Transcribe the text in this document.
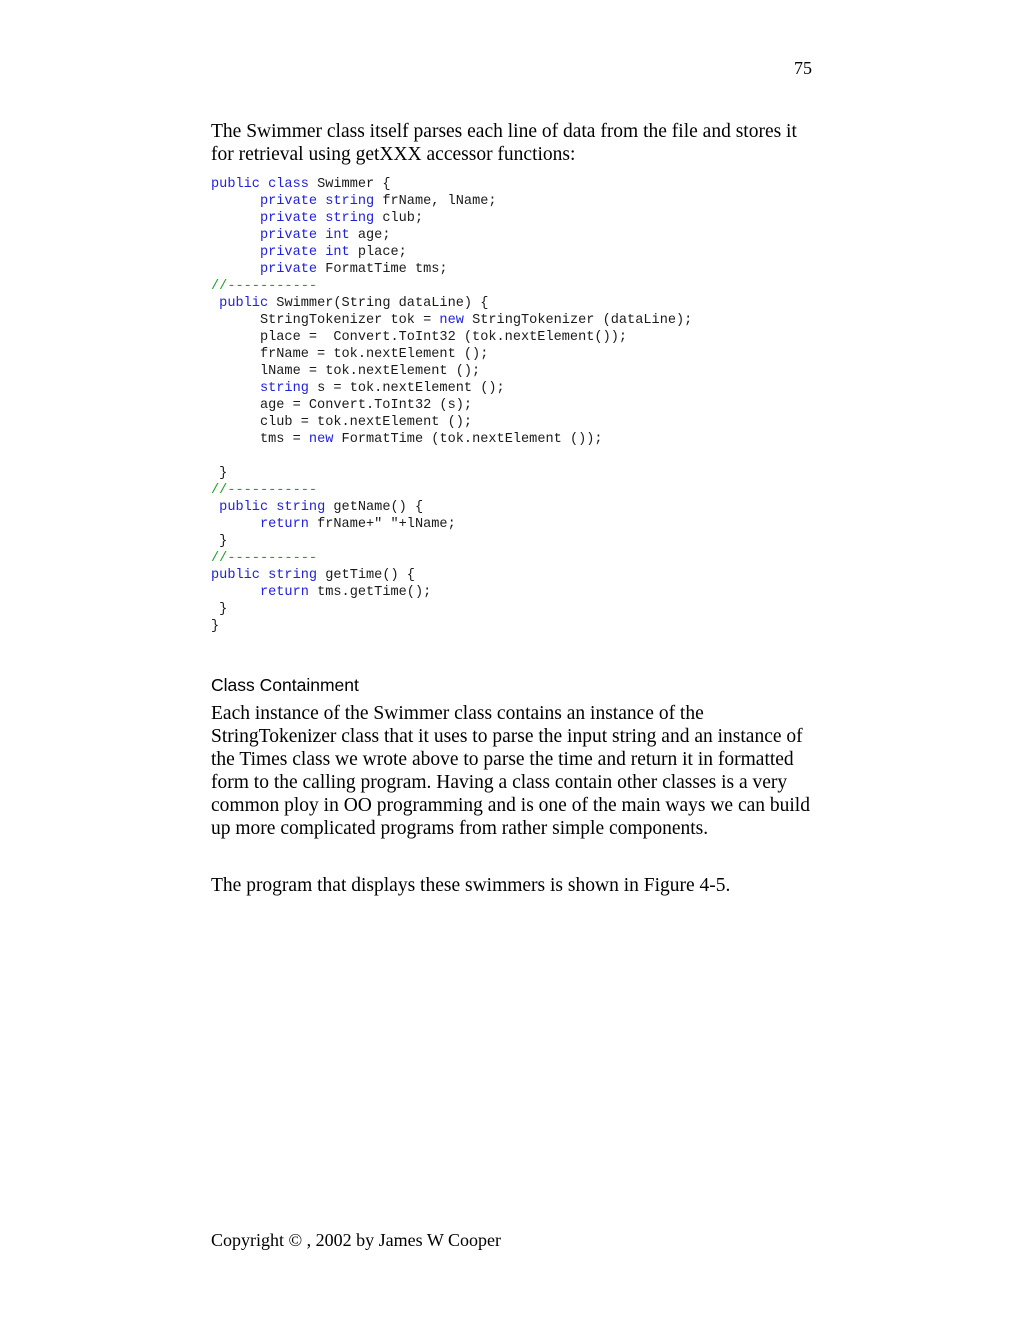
75

The Swimmer class itself parses each line of data from the file and stores it for retrieval using getXXX accessor functions:

public class Swimmer {
private string frName, lName;
private string club;
private int age;
private int place;
private FormatTime tms;
//-----------
public Swimmer(String dataLine) {
StringTokenizer tok = new StringTokenizer (dataLine);
place =  Convert.ToInt32 (tok.nextElement());
frName = tok.nextElement ();
lName = tok.nextElement ();
string s = tok.nextElement ();
age = Convert.ToInt32 (s);
club = tok.nextElement ();
tms = new FormatTime (tok.nextElement ());
}
//-----------
public string getName() {
return frName+" "+lName;
}
//-----------
public string getTime() {
return tms.getTime();
}
}
Class Containment

Each instance of the Swimmer class contains an instance of the StringTokenizer class that it uses to parse the input string and an instance of the Times class we wrote above to parse the time and return it in formatted form to the calling program. Having a class contain other classes is a very common ploy in OO programming and is one of the main ways we can build up more complicated programs from rather simple components.

The program that displays these swimmers is shown in Figure 4-5.

Copyright © , 2002 by James W Cooper
